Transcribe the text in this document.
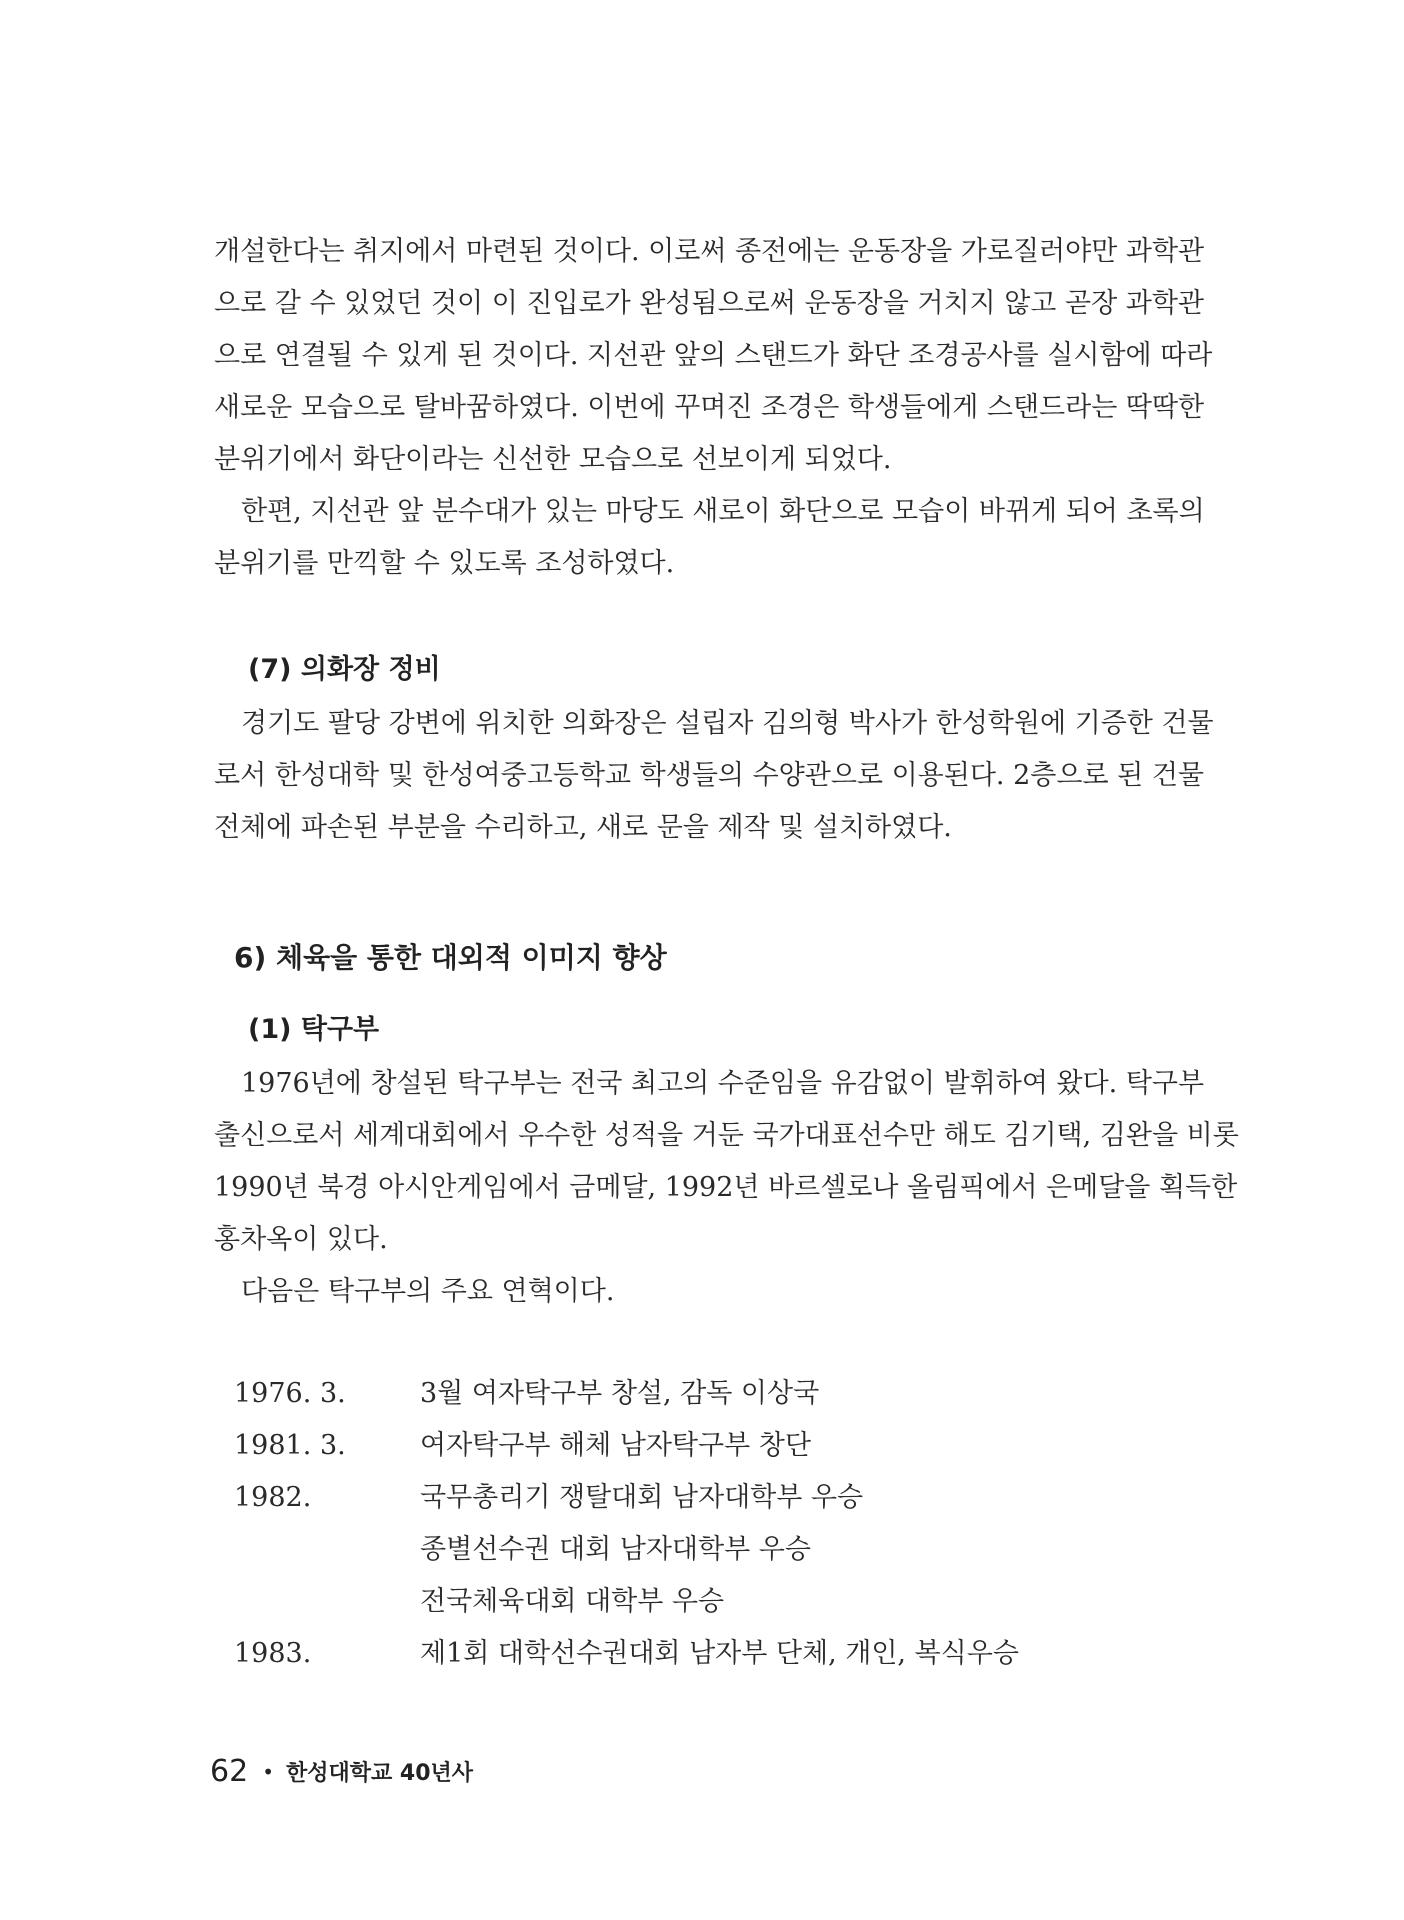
개설한다는 취지에서 마련된 것이다. 이로써 종전에는 운동장을 가로질러야만 과학관
으로 갈 수 있었던 것이 이 진입로가 완성됨으로써 운동장을 거치지 않고 곧장 과학관
으로 연결될 수 있게 된 것이다. 지선관 앞의 스탠드가 화단 조경공사를 실시함에 따라
새로운 모습으로 탈바꿈하였다. 이번에 꾸며진 조경은 학생들에게 스탠드라는 딱딱한
분위기에서 화단이라는 신선한 모습으로 선보이게 되었다.
한편, 지선관 앞 분수대가 있는 마당도 새로이 화단으로 모습이 바뀌게 되어 초록의
분위기를 만끽할 수 있도록 조성하였다.
(7) 의화장 정비
경기도 팔당 강변에 위치한 의화장은 설립자 김의형 박사가 한성학원에 기증한 건물
로서 한성대학 및 한성여중고등학교 학생들의 수양관으로 이용된다. 2층으로 된 건물
전체에 파손된 부분을 수리하고, 새로 문을 제작 및 설치하였다.
6) 체육을 통한 대외적 이미지 향상
(1) 탁구부
1976년에 창설된 탁구부는 전국 최고의 수준임을 유감없이 발휘하여 왔다. 탁구부
출신으로서 세계대회에서 우수한 성적을 거둔 국가대표선수만 해도 김기택, 김완을 비롯
1990년 북경 아시안게임에서 금메달, 1992년 바르셀로나 올림픽에서 은메달을 획득한
홍차옥이 있다.
다음은 탁구부의 주요 연혁이다.
1976. 3.	3월 여자탁구부 창설, 감독 이상국
1981. 3.	여자탁구부 해체 남자탁구부 창단
1982.	국무총리기 쟁탈대회 남자대학부 우승
종별선수권 대회 남자대학부 우승
전국체육대회 대학부 우승
1983.	제1회 대학선수권대회 남자부 단체, 개인, 복식우승
62 • 한성대학교 40년사
